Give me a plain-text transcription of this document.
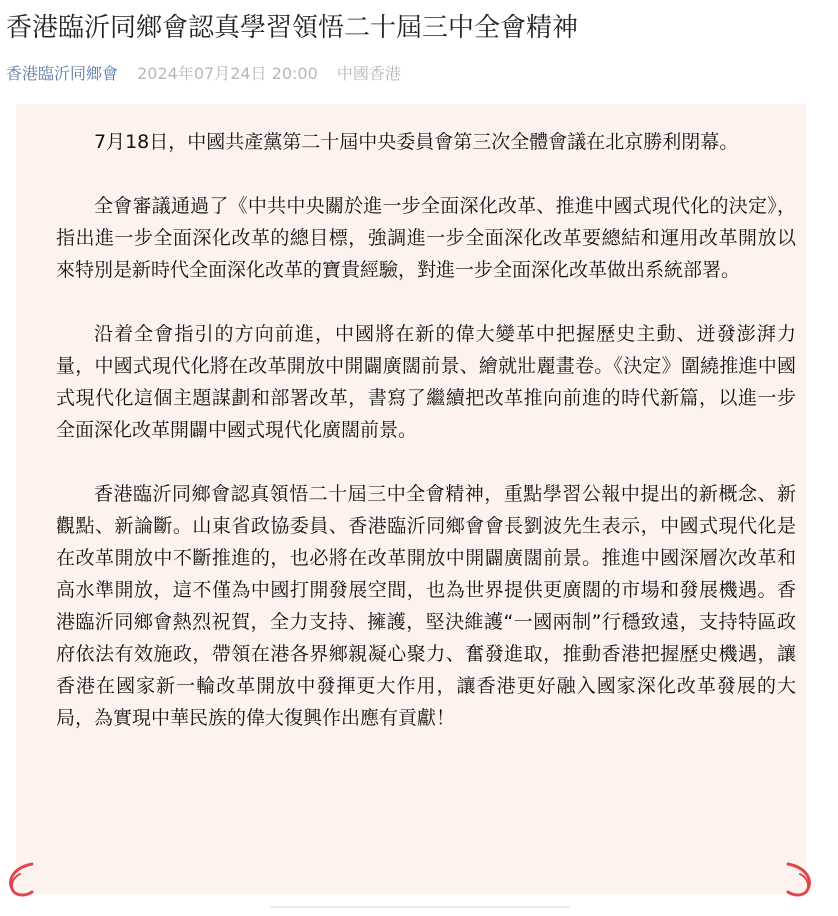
香港臨沂同鄉會認真學習領悟二十屆三中全會精神
香港臨沂同鄉會 2024年07月24日 20:00 中國香港

7月18日，中國共產黨第二十屆中央委員會第三次全體會議在北京勝利閉幕。

全會審議通過了《中共中央關於進一步全面深化改革、推進中國式現代化的決定》，指出進一步全面深化改革的總目標，強調進一步全面深化改革要總結和運用改革開放以來特別是新時代全面深化改革的寶貴經驗，對進一步全面深化改革做出系統部署。

沿着全會指引的方向前進，中國將在新的偉大變革中把握歷史主動、迸發澎湃力量，中國式現代化將在改革開放中開闢廣闊前景、繪就壯麗畫卷。《決定》圍繞推進中國式現代化這個主題謀劃和部署改革，書寫了繼續把改革推向前進的時代新篇，以進一步全面深化改革開闢中國式現代化廣闊前景。

香港臨沂同鄉會認真領悟二十屆三中全會精神，重點學習公報中提出的新概念、新觀點、新論斷。山東省政協委員、香港臨沂同鄉會會長劉波先生表示，中國式現代化是在改革開放中不斷推進的，也必將在改革開放中開闢廣闊前景。推進中國深層次改革和高水準開放，這不僅為中國打開發展空間，也為世界提供更廣闊的市場和發展機遇。香港臨沂同鄉會熱烈祝賀，全力支持、擁護，堅決維護“一國兩制”行穩致遠，支持特區政府依法有效施政，帶領在港各界鄉親凝心聚力、奮發進取，推動香港把握歷史機遇，讓香港在國家新一輪改革開放中發揮更大作用，讓香港更好融入國家深化改革發展的大局，為實現中華民族的偉大復興作出應有貢獻！
